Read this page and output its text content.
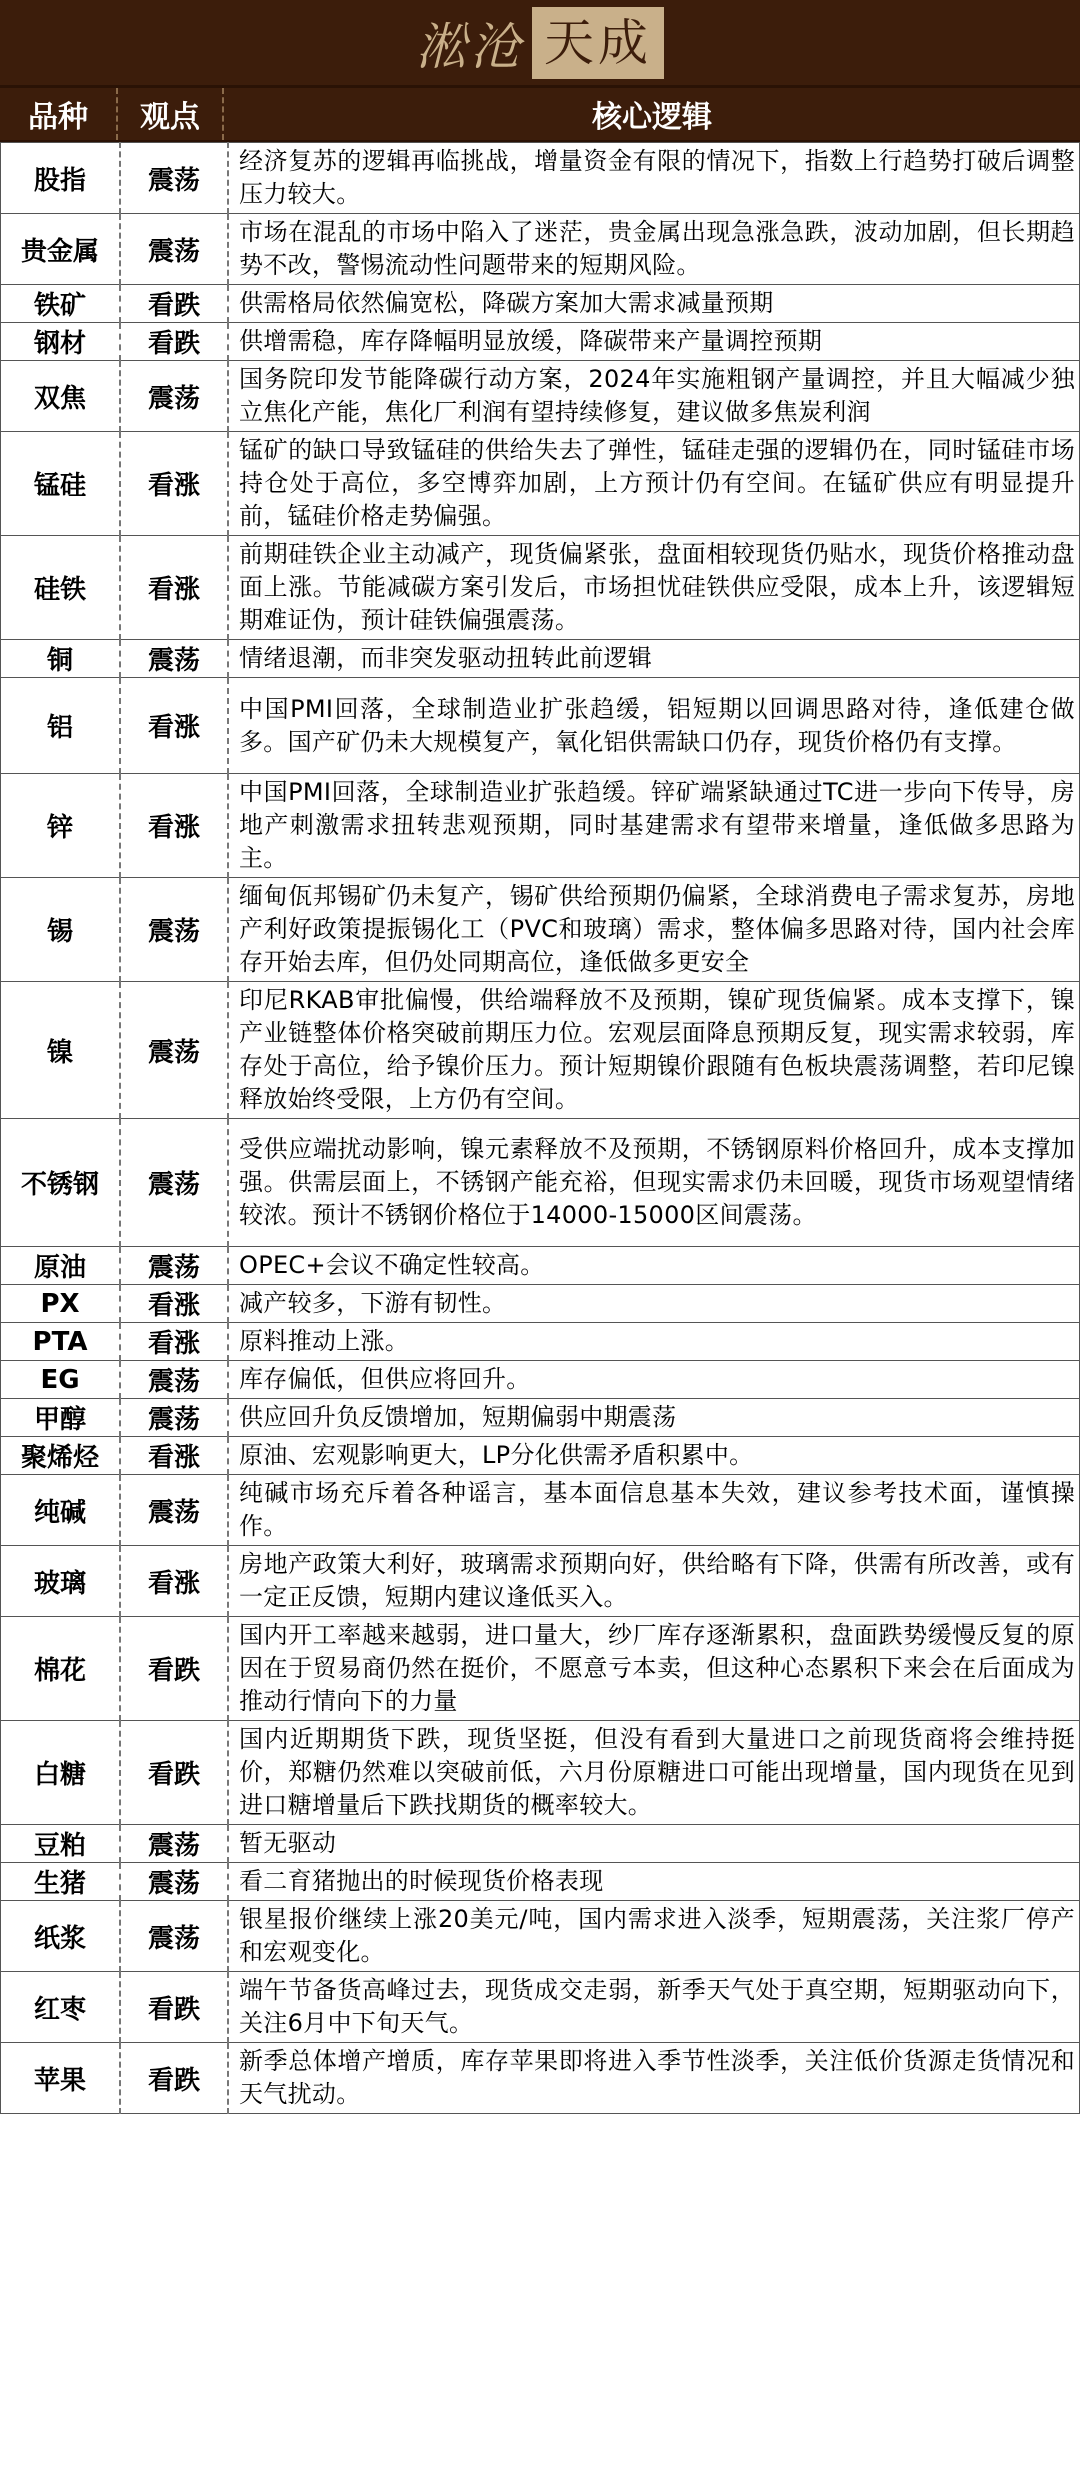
淞沧 天成
品种	观点	核心逻辑
股指	震荡	经济复苏的逻辑再临挑战，增量资金有限的情况下，指数上行趋势打破后调整压力较大。
贵金属	震荡	市场在混乱的市场中陷入了迷茫，贵金属出现急涨急跌，波动加剧，但长期趋势不改，警惕流动性问题带来的短期风险。
铁矿	看跌	供需格局依然偏宽松，降碳方案加大需求减量预期
钢材	看跌	供增需稳，库存降幅明显放缓，降碳带来产量调控预期
双焦	震荡	国务院印发节能降碳行动方案，2024年实施粗钢产量调控，并且大幅减少独立焦化产能，焦化厂利润有望持续修复，建议做多焦炭利润
锰硅	看涨	锰矿的缺口导致锰硅的供给失去了弹性，锰硅走强的逻辑仍在，同时锰硅市场持仓处于高位，多空博弈加剧，上方预计仍有空间。在锰矿供应有明显提升前，锰硅价格走势偏强。
硅铁	看涨	前期硅铁企业主动减产，现货偏紧张，盘面相较现货仍贴水，现货价格推动盘面上涨。节能减碳方案引发后，市场担忧硅铁供应受限，成本上升，该逻辑短期难证伪，预计硅铁偏强震荡。
铜	震荡	情绪退潮，而非突发驱动扭转此前逻辑
铝	看涨	中国PMI回落，全球制造业扩张趋缓，铝短期以回调思路对待，逢低建仓做多。国产矿仍未大规模复产，氧化铝供需缺口仍存，现货价格仍有支撑。
锌	看涨	中国PMI回落，全球制造业扩张趋缓。锌矿端紧缺通过TC进一步向下传导，房地产刺激需求扭转悲观预期，同时基建需求有望带来增量，逢低做多思路为主。
锡	震荡	缅甸佤邦锡矿仍未复产，锡矿供给预期仍偏紧，全球消费电子需求复苏，房地产利好政策提振锡化工（PVC和玻璃）需求，整体偏多思路对待，国内社会库存开始去库，但仍处同期高位，逢低做多更安全
镍	震荡	印尼RKAB审批偏慢，供给端释放不及预期，镍矿现货偏紧。成本支撑下，镍产业链整体价格突破前期压力位。宏观层面降息预期反复，现实需求较弱，库存处于高位，给予镍价压力。预计短期镍价跟随有色板块震荡调整，若印尼镍释放始终受限，上方仍有空间。
不锈钢	震荡	受供应端扰动影响，镍元素释放不及预期，不锈钢原料价格回升，成本支撑加强。供需层面上，不锈钢产能充裕，但现实需求仍未回暖，现货市场观望情绪较浓。预计不锈钢价格位于14000-15000区间震荡。
原油	震荡	OPEC+会议不确定性较高。
PX	看涨	减产较多，下游有韧性。
PTA	看涨	原料推动上涨。
EG	震荡	库存偏低，但供应将回升。
甲醇	震荡	供应回升负反馈增加，短期偏弱中期震荡
聚烯烃	看涨	原油、宏观影响更大，LP分化供需矛盾积累中。
纯碱	震荡	纯碱市场充斥着各种谣言，基本面信息基本失效，建议参考技术面，谨慎操作。
玻璃	看涨	房地产政策大利好，玻璃需求预期向好，供给略有下降，供需有所改善，或有一定正反馈，短期内建议逢低买入。
棉花	看跌	国内开工率越来越弱，进口量大，纱厂库存逐渐累积，盘面跌势缓慢反复的原因在于贸易商仍然在挺价，不愿意亏本卖，但这种心态累积下来会在后面成为推动行情向下的力量
白糖	看跌	国内近期期货下跌，现货坚挺，但没有看到大量进口之前现货商将会维持挺价，郑糖仍然难以突破前低，六月份原糖进口可能出现增量，国内现货在见到进口糖增量后下跌找期货的概率较大。
豆粕	震荡	暂无驱动
生猪	震荡	看二育猪抛出的时候现货价格表现
纸浆	震荡	银星报价继续上涨20美元/吨，国内需求进入淡季，短期震荡，关注浆厂停产和宏观变化。
红枣	看跌	端午节备货高峰过去，现货成交走弱，新季天气处于真空期，短期驱动向下，关注6月中下旬天气。
苹果	看跌	新季总体增产增质，库存苹果即将进入季节性淡季，关注低价货源走货情况和天气扰动。
